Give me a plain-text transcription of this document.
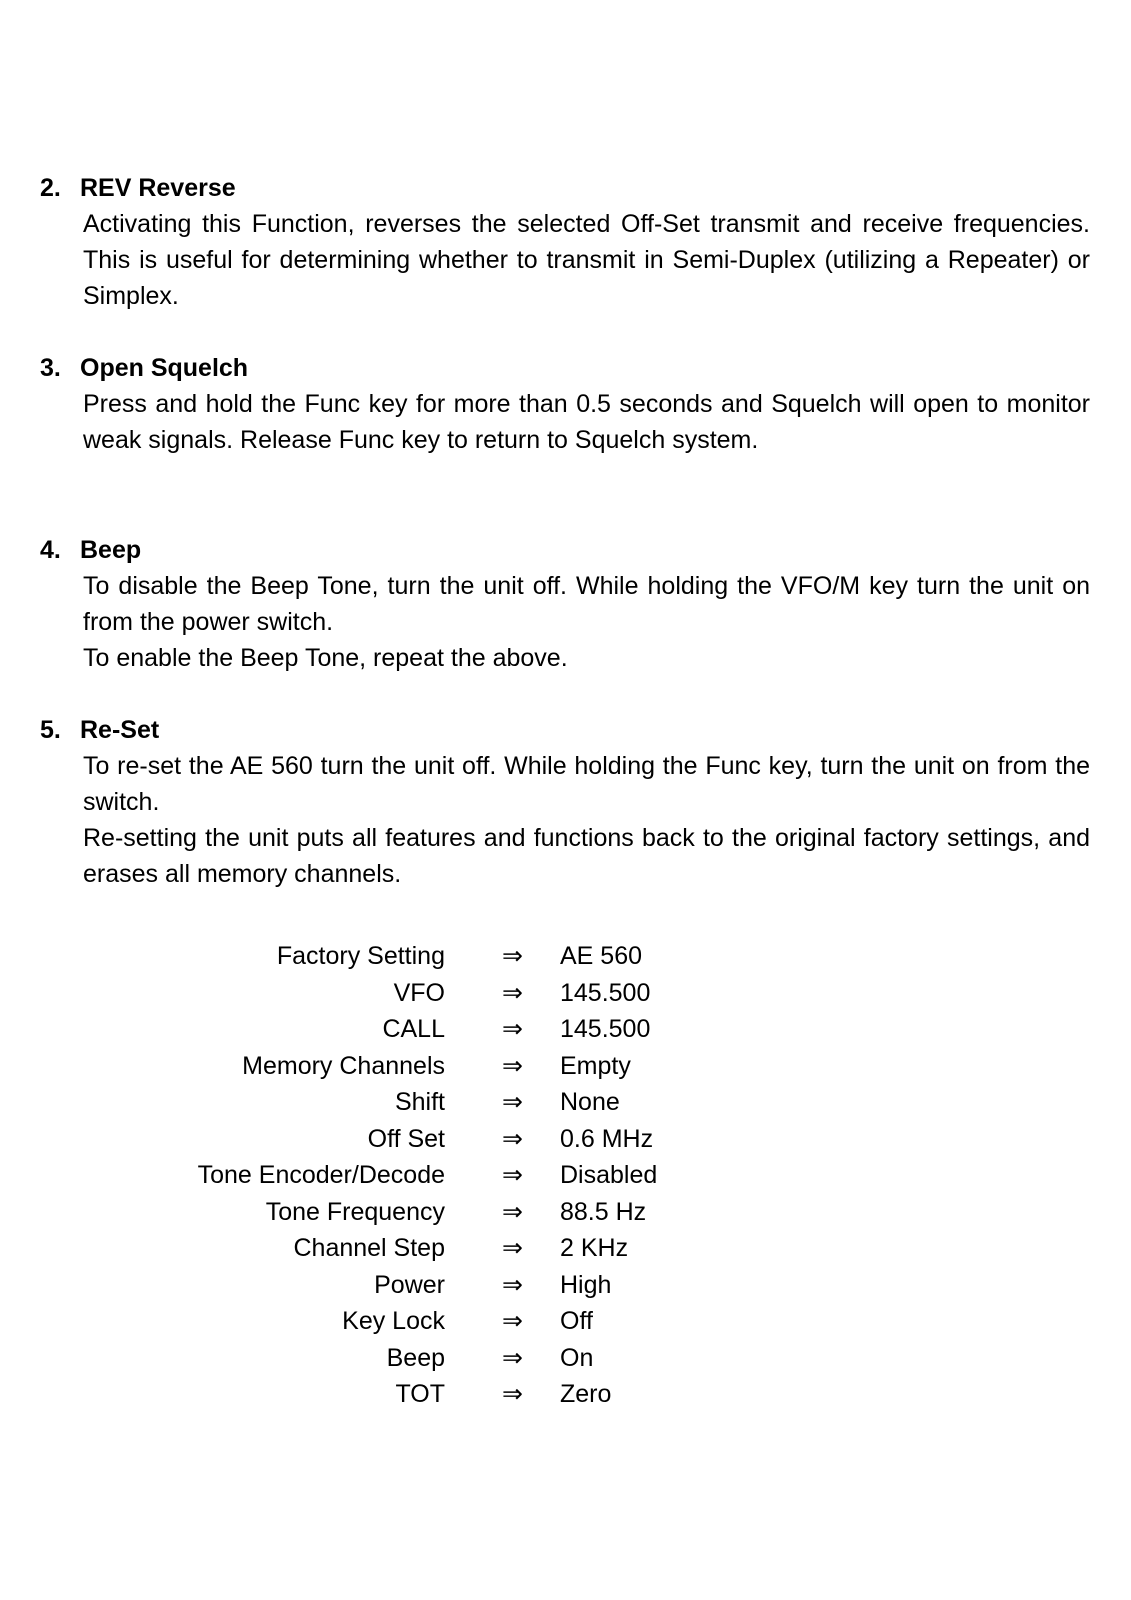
2. REV Reverse

Activating this Function, reverses the selected Off-Set transmit and receive frequencies. This is useful for determining whether to transmit in Semi-Duplex (utilizing a Repeater) or Simplex.

3. Open Squelch

Press and hold the Func key for more than 0.5 seconds and Squelch will open to monitor weak signals. Release Func key to return to Squelch system.

4. Beep

To disable the Beep Tone, turn the unit off. While holding the VFO/M key turn the unit on from the power switch.

To enable the Beep Tone, repeat the above.

5. Re-Set

To re-set the AE 560 turn the unit off. While holding the Func key, turn the unit on from the switch.

Re-setting the unit puts all features and functions back to the original factory settings, and erases all memory channels.

Factory Setting	⇒	AE 560
VFO	⇒	145.500
CALL	⇒	145.500
Memory Channels	⇒	Empty
Shift	⇒	None
Off Set	⇒	0.6 MHz
Tone Encoder/Decode	⇒	Disabled
Tone Frequency	⇒	88.5 Hz
Channel Step	⇒	2 KHz
Power	⇒	High
Key Lock	⇒	Off
Beep	⇒	On
TOT	⇒	Zero
